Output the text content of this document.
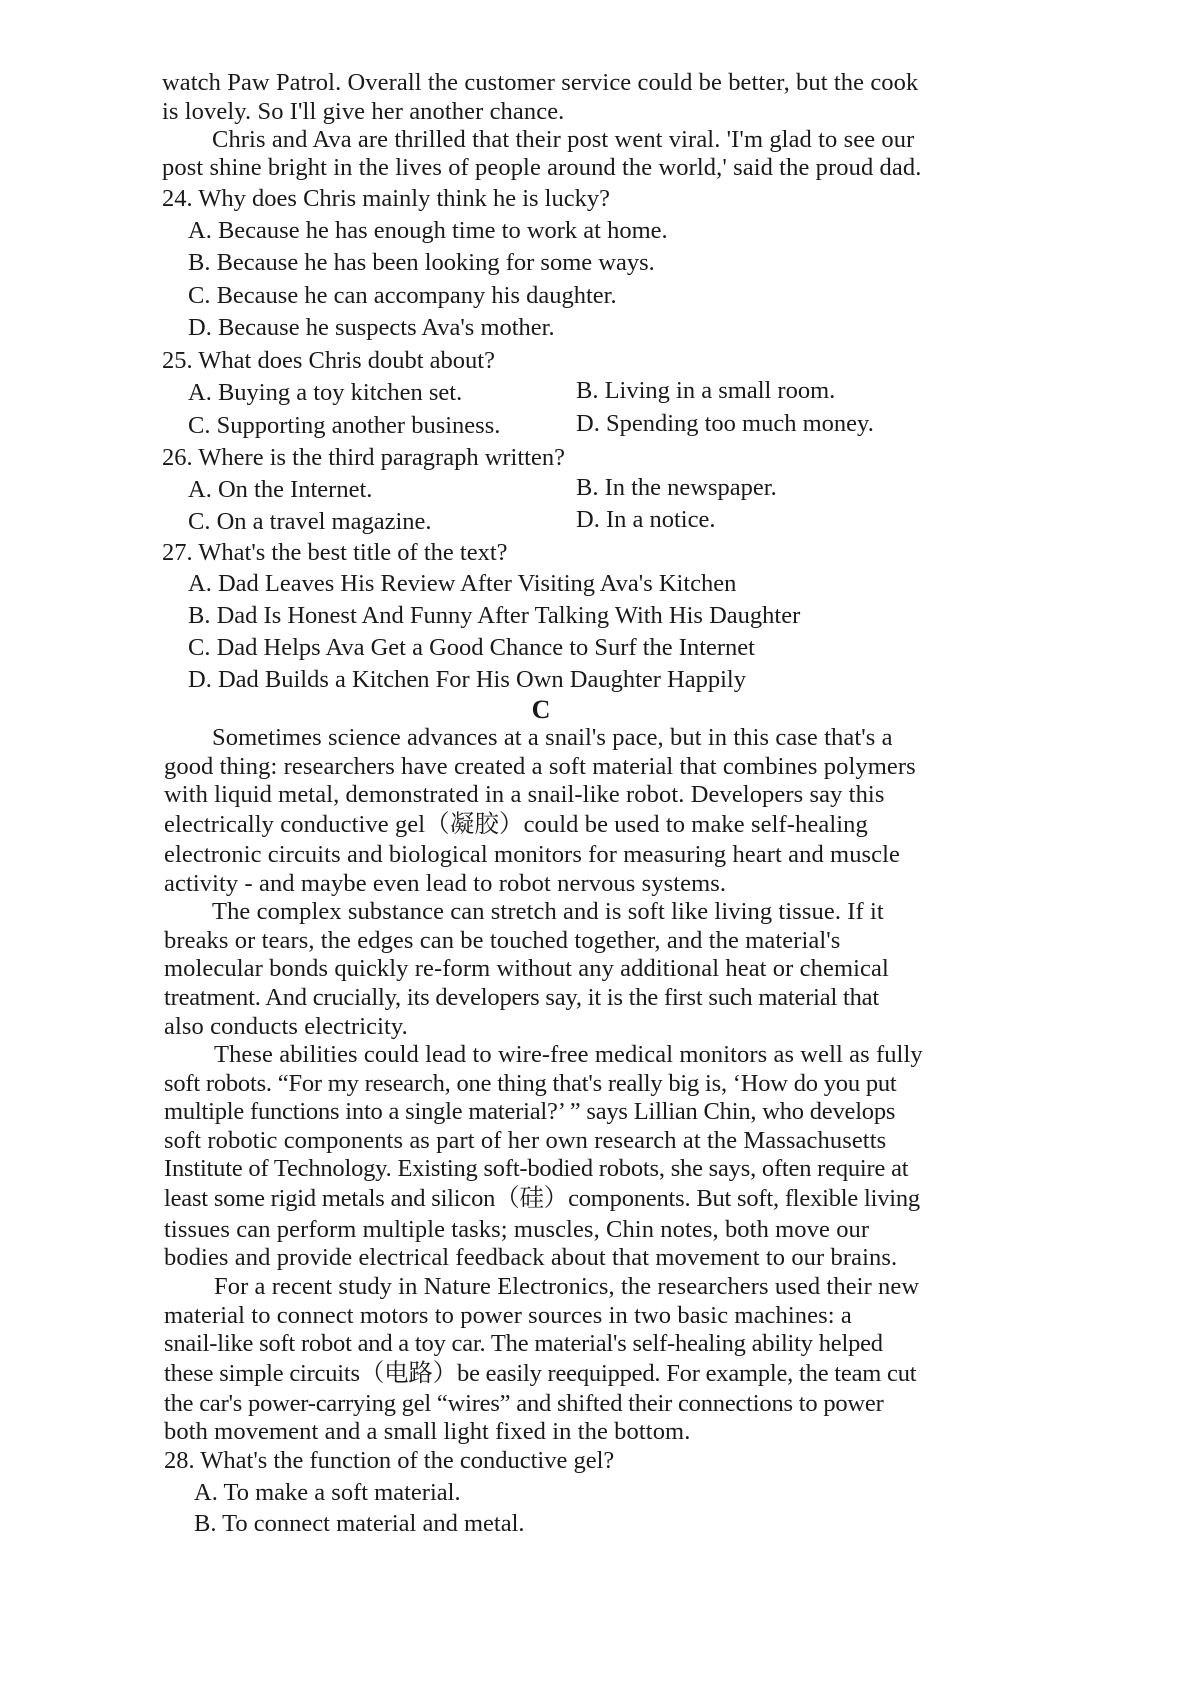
watch Paw Patrol. Overall the customer service could be better, but the cook
is lovely. So I'll give her another chance.
Chris and Ava are thrilled that their post went viral. 'I'm glad to see our
post shine bright in the lives of people around the world,' said the proud dad.
24. Why does Chris mainly think he is lucky?
A. Because he has enough time to work at home.
B. Because he has been looking for some ways.
C. Because he can accompany his daughter.
D. Because he suspects Ava's mother.
25. What does Chris doubt about?
A. Buying a toy kitchen set.	B. Living in a small room.
C. Supporting another business.	D. Spending too much money.
26. Where is the third paragraph written?
A. On the Internet.	B. In the newspaper.
C. On a travel magazine.	D. In a notice.
27. What's the best title of the text?
A. Dad Leaves His Review After Visiting Ava's Kitchen
B. Dad Is Honest And Funny After Talking With His Daughter
C. Dad Helps Ava Get a Good Chance to Surf the Internet
D. Dad Builds a Kitchen For His Own Daughter Happily
C
Sometimes science advances at a snail's pace, but in this case that's a
good thing: researchers have created a soft material that combines polymers
with liquid metal, demonstrated in a snail-like robot. Developers say this
electrically conductive gel（凝胶）could be used to make self-healing
electronic circuits and biological monitors for measuring heart and muscle
activity - and maybe even lead to robot nervous systems.
The complex substance can stretch and is soft like living tissue. If it
breaks or tears, the edges can be touched together, and the material's
molecular bonds quickly re-form without any additional heat or chemical
treatment. And crucially, its developers say, it is the first such material that
also conducts electricity.
These abilities could lead to wire-free medical monitors as well as fully
soft robots. “For my research, one thing that's really big is, ‘How do you put
multiple functions into a single material?’ ” says Lillian Chin, who develops
soft robotic components as part of her own research at the Massachusetts
Institute of Technology. Existing soft-bodied robots, she says, often require at
least some rigid metals and silicon（硅）components. But soft, flexible living
tissues can perform multiple tasks; muscles, Chin notes, both move our
bodies and provide electrical feedback about that movement to our brains.
For a recent study in Nature Electronics, the researchers used their new
material to connect motors to power sources in two basic machines: a
snail-like soft robot and a toy car. The material's self-healing ability helped
these simple circuits（电路）be easily reequipped. For example, the team cut
the car's power-carrying gel “wires” and shifted their connections to power
both movement and a small light fixed in the bottom.
28. What's the function of the conductive gel?
A. To make a soft material.
B. To connect material and metal.
